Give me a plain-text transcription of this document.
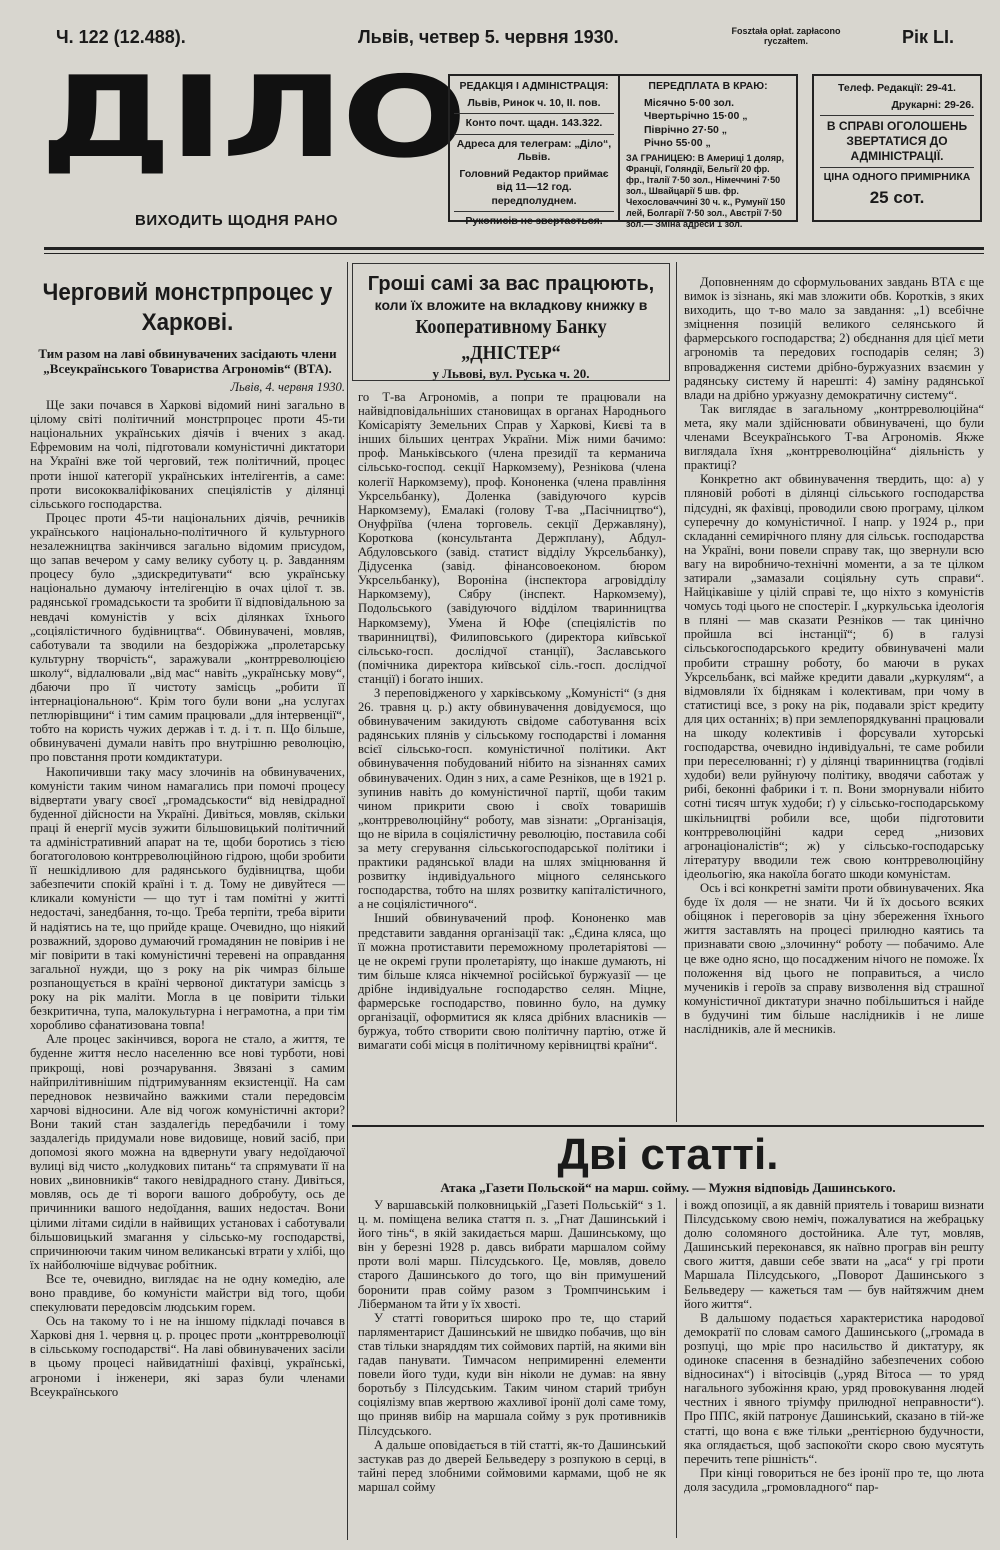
Ч. 122 (12.488).	Львів, четвер 5. червня 1930.	Foształa opłat. zapłacono ryczałtem.	Рік LI.
ДІЛО
ВИХОДИТЬ ЩОДНЯ РАНО

РЕДАКЦІЯ І АДМІНІСТРАЦІЯ:

Львів, Ринок ч. 10, II. пов.

Конто почт. щадн. 143.322.

Адреса для телеграм: „Діло“, Львів.

Головний Редактор приймає від 11—12 год. передполуднем.

Рукописів не звертається.

ПЕРЕДПЛАТА В КРАЮ:

Місячно 5·00 зол.

Чвертьрічно 15·00 „

Піврічно 27·50 „

Річно 55·00 „

ЗА ГРАНИЦЕЮ: В Америці 1 доляр, Франції, Голяндії, Бельгії 20 фр. фр., Італії 7·50 зол., Німеччині 7·50 зол., Швайцарії 5 шв. фр. Чехословаччині 30 ч. к., Румунії 150 лей, Болгарії 7·50 зол., Австрії 7·50 зол.— Зміна адреси 1 зол.

Телеф. Редакції: 29-41.

Друкарні: 29-26.

В СПРАВІ ОГОЛОШЕНЬ ЗВЕРТАТИСЯ ДО АДМІНІСТРАЦІЇ.

ЦІНА ОДНОГО ПРИМІРНИКА

25 сот.

Черговий монстрпроцес у Харкові.
Тим разом на лаві обвинувачених засідають члени „Всеукраїнського Товариства Агрономів“ (ВТА).
Львів, 4. червня 1930.

Ще заки почався в Харкові відомий нині загально в цілому світі політичний монстрпроцес проти 45-ти національних українських діячів і вчених з акад. Ефремовим на чолі, підготовали комуністичні диктатори на Україні вже той черговий, теж політичний, процес проти іншої категорії українських інтелігентів, а саме: проти висококваліфікованих спеціялістів у ділянці сільського господарства.

Процес проти 45-ти національних діячів, речників українського національно-політичного й культурного незалежництва закінчився загально відомим присудом, що запав вечером у саму велику суботу ц. р. Завданням процесу було „здискредитувати“ всю українську національно думаючу інтелігенцію в очах цілої т. зв. радянської громадськости та зробити її відповідальною за невдачі комуністів у всіх ділянках їхнього „соціялістичного будівництва“. Обвинувачені, мовляв, саботували та зводили на бездоріжжа „пролетарську культурну творчість“, заражували „контрреволюцією школу“, відлалювали „від мас“ навіть „українську мову“, дбаючи про її чистоту замісць „робити її інтернаціональною“. Крім того були вони „на услугах петлюрівщини“ і тим самим працювали „для інтервенції“, тобто на користь чужих держав і т. д. і т. п. Що більше, обвинувачені думали навіть про внутрішню революцію, про повстання проти комдиктатури.

Накопичивши таку масу злочинів на обвинувачених, комуністи таким чином намагались при помочі процесу відвертати увагу своєї „громадськости“ від невідрадної буденної дійсности на Україні. Дивіться, мовляв, скільки праці й енергії мусів зужити більшовицький політичний та адміністративний апарат на те, щоби боротись з тією богатоголовою контрреволюційною гідрою, щоби зробити її нешкідливою для радянського будівництва, щоби забезпечити спокій країні і т. д. Тому не дивуйтеся — кликали комуністи — що тут і там помітні у житті недостачі, занедбання, то-що. Треба терпіти, треба вірити й надіятись на те, що прийде краще. Очевидно, що ніякий розважний, здорово думаючий громадянин не повірив і не міг повірити в такі комуністичні теревені на оправдання загальної нужди, що з року на рік чимраз більше розпанощується в країні червоної диктатури замісць з року на рік маліти. Могла в це повірити тільки безкритична, тупа, малокультурна і неграмотна, а при тім хоробливо сфанатизована товпа!

Але процес закінчився, ворога не стало, а життя, те буденне життя несло населенню все нові турботи, нові прикрощі, нові розчарування. Звязані з самим найприлітивнішим підтримуванням екзистенції. На сам передновок незвичайно важкими стали передовсім харчові відносини. Але від чогож комуністичні актори? Вони такий стан заздалегідь передбачили і тому заздалегідь придумали нове видовище, новий засіб, при допомозі якого можна на вдвернути увагу недоїдаючої вулиці від чисто „колудкових питань“ та спрямувати її на нових „виновників“ такого невідрадного стану. Дивіться, мовляв, ось де ті вороги вашого добробуту, ось де причинники вашого недоїдання, ваших недостач. Вони цілими літами сиділи в найвищих установах і саботували більшовицький змагання у сільсько-му господарстві, спричинюючи таким чином великанські втрати у хлібі, що їх найболючіше відчуває робітник.

Все те, очевидно, виглядає на не одну комедію, але воно правдиве, бо комуністи майстри від того, щоби спекулювати передовсім людським горем.

Ось на такому то і не на іншому підкладі почався в Харкові дня 1. червня ц. р. процес проти „контрреволюції в сільському господарстві“. На лаві обвинувачених засіли в цьому процесі найвидатніші фахівці, українські, агрономи і інженери, які зараз були членами Всеукраїнського

Гроші самі за вас працюють,
коли їх вложите на вкладкову книжку в
Кооперативному Банку „ДНІСТЕР“
у Львові, вул. Руська ч. 20.

го Т-ва Агрономів, а попри те працювали на найвідповідальніших становищах в органах Народнього Комісаріяту Земельних Справ у Харкові, Києві та в інших більших центрах України. Між ними бачимо: проф. Маньківського (члена президії та керманича сільсько-господ. секції Наркомзему), Резнікова (члена колегії Наркомзему), проф. Кононенка (члена правління Укрсельбанку), Доленка (завідуючого курсів Наркомзему), Емалакі (голову Т-ва „Пасічництво“), Онуфріїва (члена торговель. секції Державляну), Короткова (консультанта Держплану), Абдул-Абдуловського (завід. статист відділу Укрсельбанку), Дідусенка (завід. фінансовоеконом. бюром Укрсельбанку), Вороніна (інспектора агровідділу Наркомзему), Сябру (інспект. Наркомзему), Подольського (завідуючого відділом тваринництва Наркомзему), Умена й Юфе (спеціялістів по тваринництві), Филиповського (директора київської сільсько-госп. дослідчої станції), Заславського (помічника директора київської сіль.-госп. дослідчої станції) і богато інших.

З переповідженого у харківському „Комуністі“ (з дня 26. травня ц. р.) акту обвинувачення довідуємося, що обвинуваченим закидують свідоме саботування всіх радянських плянів у сільському господарстві і ломання всієї сільсько-госп. комуністичної політики. Акт обвинувачення побудований нібито на зізнаннях самих обвинувачених. Один з них, а саме Резніков, ще в 1921 р. зупинив навіть до комуністичної партії, щоби таким чином прикрити свою і своїх товаришів „контрреволюційну“ роботу, мав зізнати: „Організація, що не вірила в соціялістичну революцію, поставила собі за мету сгерування сільськогосподарської політики і практики радянської влади на шлях зміцнювання й розвитку індивідуального міцного селянського господарства, тобто на шлях розвитку капіталістичного, а не соціялістичного“.

Інший обвинувачений проф. Кононенко мав представити завдання організації так: „Єдина кляса, що її можна протиставити переможному пролетаріятові — це не окремі групи пролетаріяту, що інакше думають, ні тим більше кляса нікчемної російської буржуазії — це дрібне індивідуальне господарство селян. Міцне, фармерське господарство, повинно було, на думку організації, оформитися як кляса дрібних власників — буржуа, тобто створити свою політичну партію, отже й вимагати собі місця в політичному керівництві країни“.

Доповненням до сформульованих завдань ВТА є ще вимок із зізнань, які мав зложити обв. Коротків, з яких виходить, що т-во мало за завдання: „1) всебічне зміцнення позицій великого селянського й фармерського господарства; 2) обєднання для цієї мети агрономів та передових господарів селян; 3) впровадження системи дрібно-буржуазних взаємин у радянську систему й нарешті: 4) заміну радянської влади на дрібно уржуазну демократичну систему“.

Так виглядає в загальному „контрреволюційна“ мета, яку мали здійснювати обвинувачені, що були членами Всеукраїнського Т-ва Агрономів. Якже виглядала їхня „контрреволюційна“ діяльність у практиці?

Конкретно акт обвинувачення твердить, що: а) у пляновій роботі в ділянці сільського господарства підсудні, як фахівці, проводили свою програму, цілком суперечну до комуністичної. І напр. у 1924 р., при складанні семирічного пляну для сільськ. господарства на Україні, вони повели справу так, що звернули всю вагу на виробничо-технічні моменти, а за те цілком затирали „замазали соціяльну суть справи“. Найцікавіше у цілій справі те, що ніхто з комуністів чомусь тоді цього не спостеріг. І „куркульська ідеологія в пляні — мав сказати Резніков — так цинічно пройшла всі інстанції“; б) в галузі сільськогосподарського кредиту обвинувачені мали пробити страшну роботу, бо маючи в руках Укрсельбанк, всі майже кредити давали „куркулям“, а відмовляли їх біднякам і колективам, при чому в статистиці все, з року на рік, подавали зріст кредиту для цих останніх; в) при землепорядкуванні працювали на шкоду колективів і форсували хуторські господарства, очевидно індивідуальні, те саме робили при переселюванні; г) у ділянці тваринництва (годівлі худоби) вели руйнуючу політику, вводячи саботаж у рибі, беконні фабрики і т. п. Вони зморнували нібито сотні тисяч штук худоби; ґ) у сільсько-господарському шкільництві робили все, щоби підготовити контрреволюційні кадри серед „низових агронаціоналістів“; ж) у сільсько-господарську літературу вводили теж свою контрреволюційну ідеольогію, яка накоїла богато шкоди комуністам.

Ось і всі конкретні заміти проти обвинувачених. Яка буде їх доля — не знати. Чи й їх досього всяких обіцянок і переговорів за ціну збереження їхнього життя заставлять на процесі прилюдно каятись та признавати свою „злочинну“ роботу — побачимо. Але це вже одно ясно, що посадженим нічого не поможе. Їх положення від цього не поправиться, а число мучеників і героїв за справу визволення від страшної комуністичної диктатури значно побільшиться і найде в будучині тим більше наслідників і не лише наслідників, але й месників.

Дві статті.
Атака „Газети Польской“ на марш. сойму. — Мужня відповідь Дашинського.

У варшавській полковницькій „Газеті Польській“ з 1. ц. м. поміщена велика стаття п. з. „Гнат Дашинський і його тінь“, в якій закидається марш. Дашинському, що він у березні 1928 р. давсь вибрати маршалом сойму проти волі марш. Пілсудського. Це, мовляв, довело старого Дашинського до того, що він примушений боронити прав сойму разом з Тромпчинським і Ліберманом та йти у їх хвості.

У статті говориться широко про те, що старий парляментарист Дашинський не швидко побачив, що він став тільки знаряддям тих соймових партій, на якими він гадав панувати. Тимчасом непримиренні елементи повели його туди, куди він ніколи не думав: на явну боротьбу з Пілсудським. Таким чином старий трибун соціялізму впав жертвою жахливої іронії долі саме тому, що приняв вибір на маршала сойму з рук противників Пілсудського.

А дальше оповідається в тій статті, як-то Дашинський застукав раз до дверей Бельведеру з розпукою в серці, в тайні перед злобними соймовими кармами, щоб не як маршал сойму

і вожд опозиції, а як давній приятель і товариш визнати Пілсудському свою неміч, пожалуватися на жебрацьку долю соломяного достойника. Але тут, мовляв, Дашинський переконався, як наївно програв він решту свого життя, давши себе звати на „аса“ у грі проти Маршала Пілсудського, „Поворот Дашинського з Бельведеру — кажеться там — був найтяжчим днем його життя“.

В дальшому подається характеристика народової демократії по словам самого Дашинського („громада в розпуці, що мріє про насильство й диктатуру, як одиноке спасення в безнадійно забезпечених собою відносинах“) і вітосівців („уряд Вітоса — то уряд нагального зубожіння краю, уряд провокування людей честних і явного тріумфу прилюдної неправности“). Про ППС, якій патронує Дашинський, сказано в тій-же статті, що вона є вже тільки „рентієрною будучности, яка оглядається, щоб заспокоїти скоро свою мусятуть перечить тепе рішність“.

При кінці говориться не без іронії про те, що люта доля засудила „громовладного“ пар-
